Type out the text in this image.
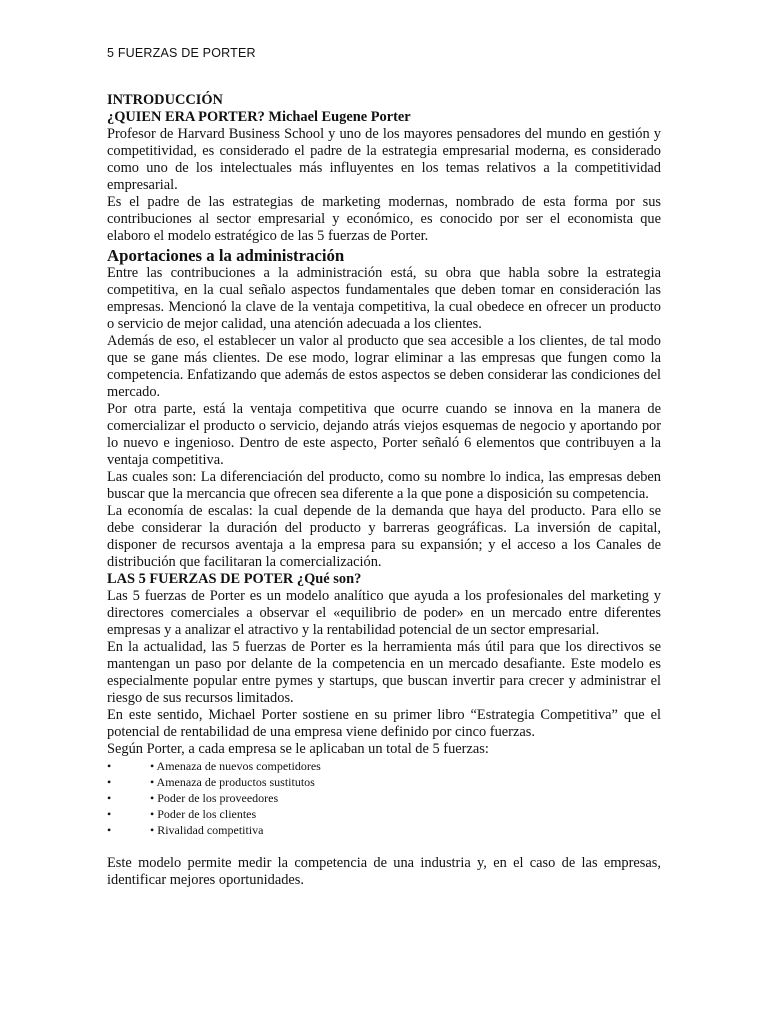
5 FUERZAS DE PORTER
INTRODUCCIÓN
¿QUIEN ERA PORTER? Michael Eugene Porter

Profesor de Harvard Business School y uno de los mayores pensadores del mundo en gestión y competitividad, es considerado el padre de la estrategia empresarial moderna, es considerado como uno de los intelectuales más influyentes en los temas relativos a la competitividad empresarial.

Es el padre de las estrategias de marketing modernas, nombrado de esta forma por sus contribuciones al sector empresarial y económico, es conocido por ser el economista que elaboro el modelo estratégico de las 5 fuerzas de Porter.

Aportaciones a la administración

Entre las contribuciones a la administración está, su obra que habla sobre la estrategia competitiva, en la cual señalo aspectos fundamentales que deben tomar en consideración las empresas. Mencionó la clave de la ventaja competitiva, la cual obedece en ofrecer un producto o servicio de mejor calidad, una atención adecuada a los clientes.

Además de eso, el establecer un valor al producto que sea accesible a los clientes, de tal modo que se gane más clientes. De ese modo, lograr eliminar a las empresas que fungen como la competencia. Enfatizando que además de estos aspectos se deben considerar las condiciones del mercado.

Por otra parte, está la ventaja competitiva que ocurre cuando se innova en la manera de comercializar el producto o servicio, dejando atrás viejos esquemas de negocio y aportando por lo nuevo e ingenioso. Dentro de este aspecto, Porter señaló 6 elementos que contribuyen a la ventaja competitiva.

Las cuales son: La diferenciación del producto, como su nombre lo indica, las empresas deben buscar que la mercancia que ofrecen sea diferente a la que pone a disposición su competencia.

La economía de escalas: la cual depende de la demanda que haya del producto. Para ello se debe considerar la duración del producto y barreras geográficas. La inversión de capital, disponer de recursos aventaja a la empresa para su expansión; y el acceso a los Canales de distribución que facilitaran la comercialización.

LAS 5 FUERZAS DE POTER ¿Qué son?

Las 5 fuerzas de Porter es un modelo analítico que ayuda a los profesionales del marketing y directores comerciales a observar el «equilibrio de poder» en un mercado entre diferentes empresas y a analizar el atractivo y la rentabilidad potencial de un sector empresarial.

En la actualidad, las 5 fuerzas de Porter es la herramienta más útil para que los directivos se mantengan un paso por delante de la competencia en un mercado desafiante. Este modelo es especialmente popular entre pymes y startups, que buscan invertir para crecer y administrar el riesgo de sus recursos limitados.

En este sentido, Michael Porter sostiene en su primer libro “Estrategia Competitiva” que el potencial de rentabilidad de una empresa viene definido por cinco fuerzas.

Según Porter, a cada empresa se le aplicaban un total de 5 fuerzas:

•	• Amenaza de nuevos competidores
•	• Amenaza de productos sustitutos
•	• Poder de los proveedores
•	• Poder de los clientes
•	• Rivalidad competitiva

Este modelo permite medir la competencia de una industria y, en el caso de las empresas, identificar mejores oportunidades.
